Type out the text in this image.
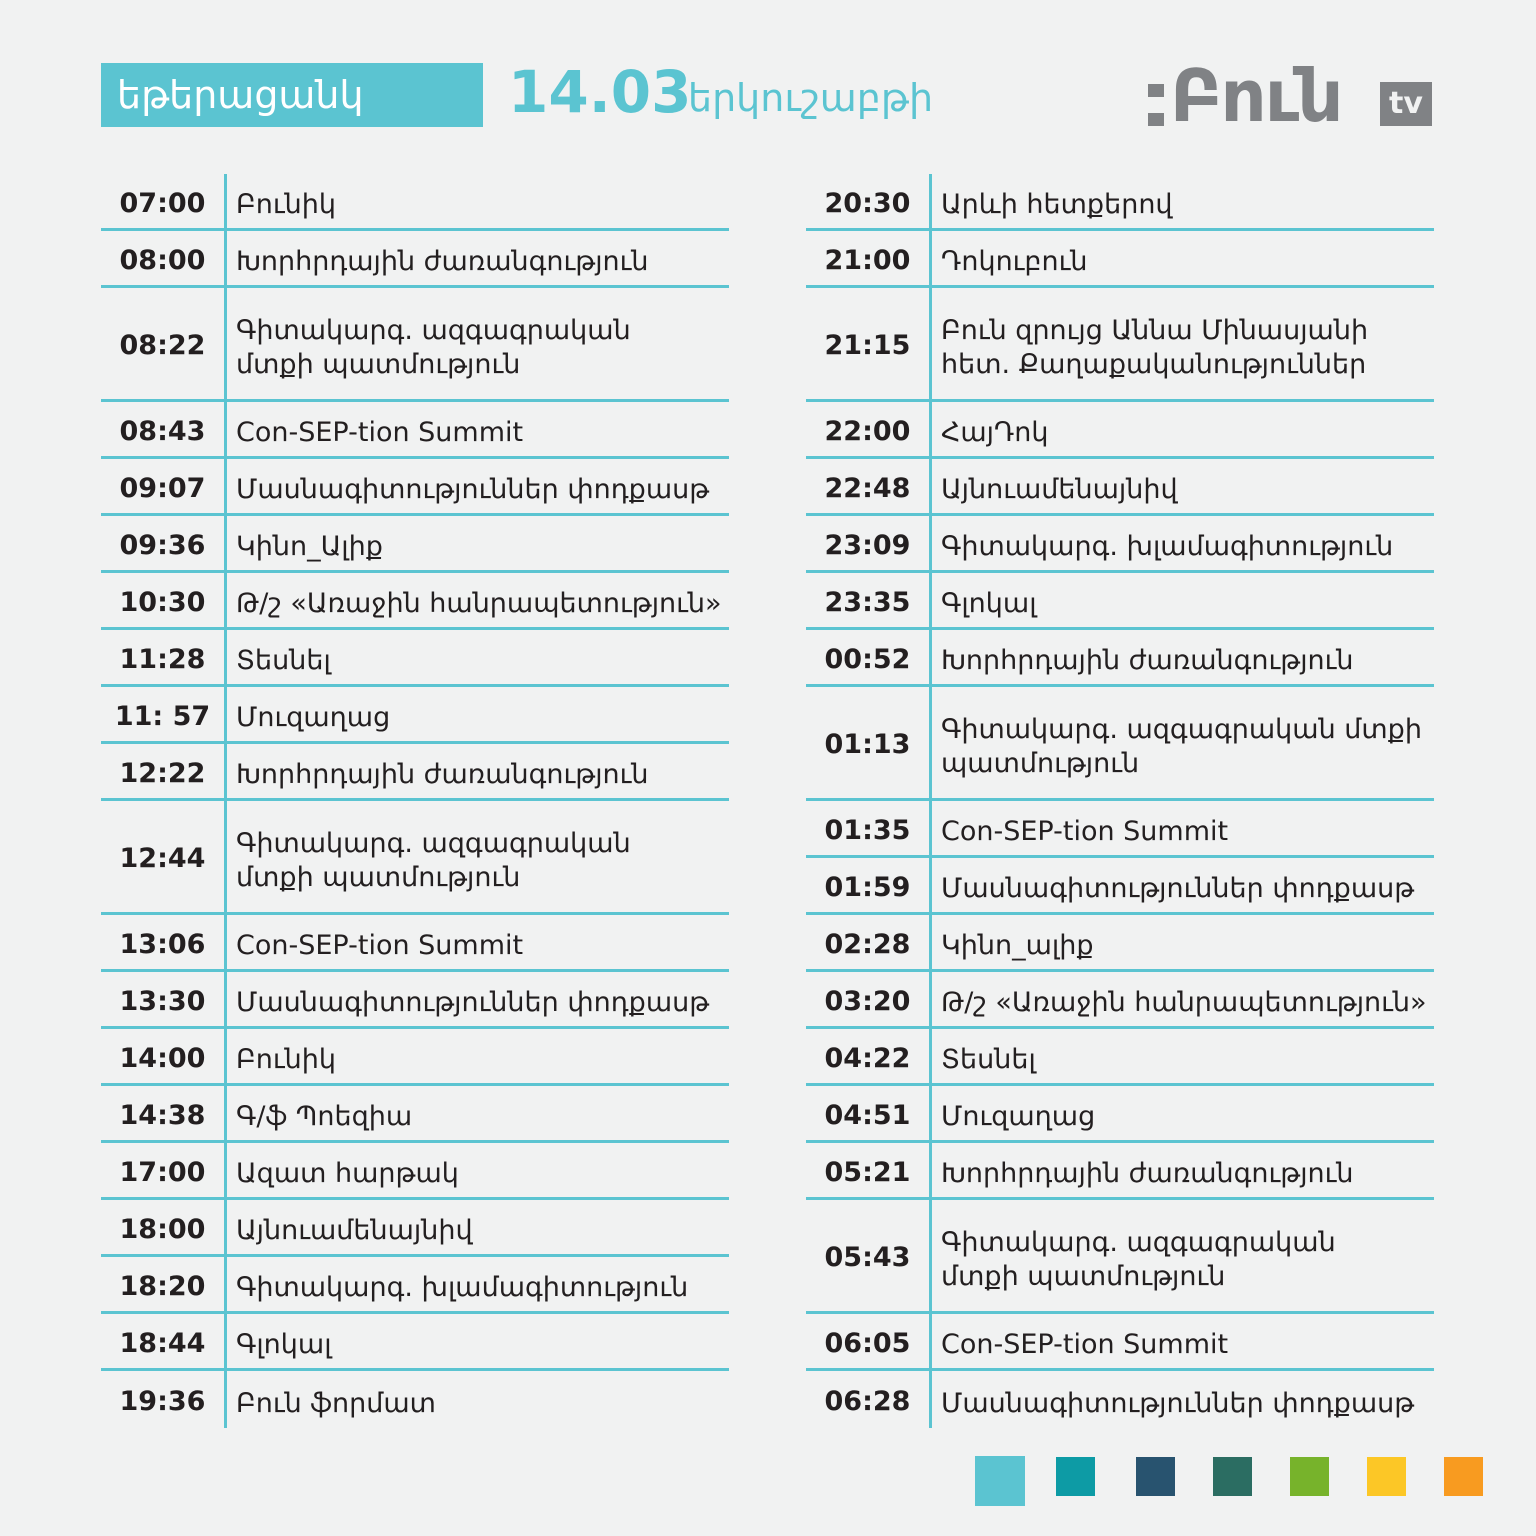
եթերացանկ	14.03
երկուշաբթի	Բուն	tv
07:00	Բունիկ
08:00	Խորհրդային ժառանգություն
08:22	Գիտակարգ. ազգագրական
մտքի պատմություն
08:43	Con-SEP-tion Summit
09:07	Մասնագիտություններ փոդքասթ
09:36	Կինո_Ալիք
10:30	Թ/շ «Առաջին հանրապետություն»
11:28	Տեսնել
11: 57 Մուզաղաց
12:22	Խորհրդային ժառանգություն
12:44	Գիտակարգ. ազգագրական
մտքի պատմություն
13:06	Con-SEP-tion Summit
13:30	Մասնագիտություններ փոդքասթ
14:00	Բունիկ
14:38	Գ/ֆ Պոեզիա
17:00	Ազատ հարթակ
18:00	Այնուամենայնիվ
18:20	Գիտակարգ. խլամագիտություն
18:44	Գլոկալ
19:36	Բուն ֆորմատ
20:30	Արևի հետքերով
21:00	Դոկուբուն
21:15	Բուն զրույց Աննա Մինասյանի
հետ. Քաղաքականություններ
22:00	ՀայԴոկ
22:48	Այնուամենայնիվ
23:09	Գիտակարգ. խլամագիտություն
23:35	Գլոկալ
00:52	Խորհրդային ժառանգություն
01:13	Գիտակարգ. ազգագրական մտքի
պատմություն
01:35	Con-SEP-tion Summit
01:59	Մասնագիտություններ փոդքասթ
02:28	Կինո_ալիք
03:20	Թ/շ «Առաջին հանրապետություն»
04:22	Տեսնել
04:51	Մուզաղաց
05:21	Խորհրդային ժառանգություն
05:43	Գիտակարգ. ազգագրական
մտքի պատմություն
06:05	Con-SEP-tion Summit
06:28	Մասնագիտություններ փոդքասթ
